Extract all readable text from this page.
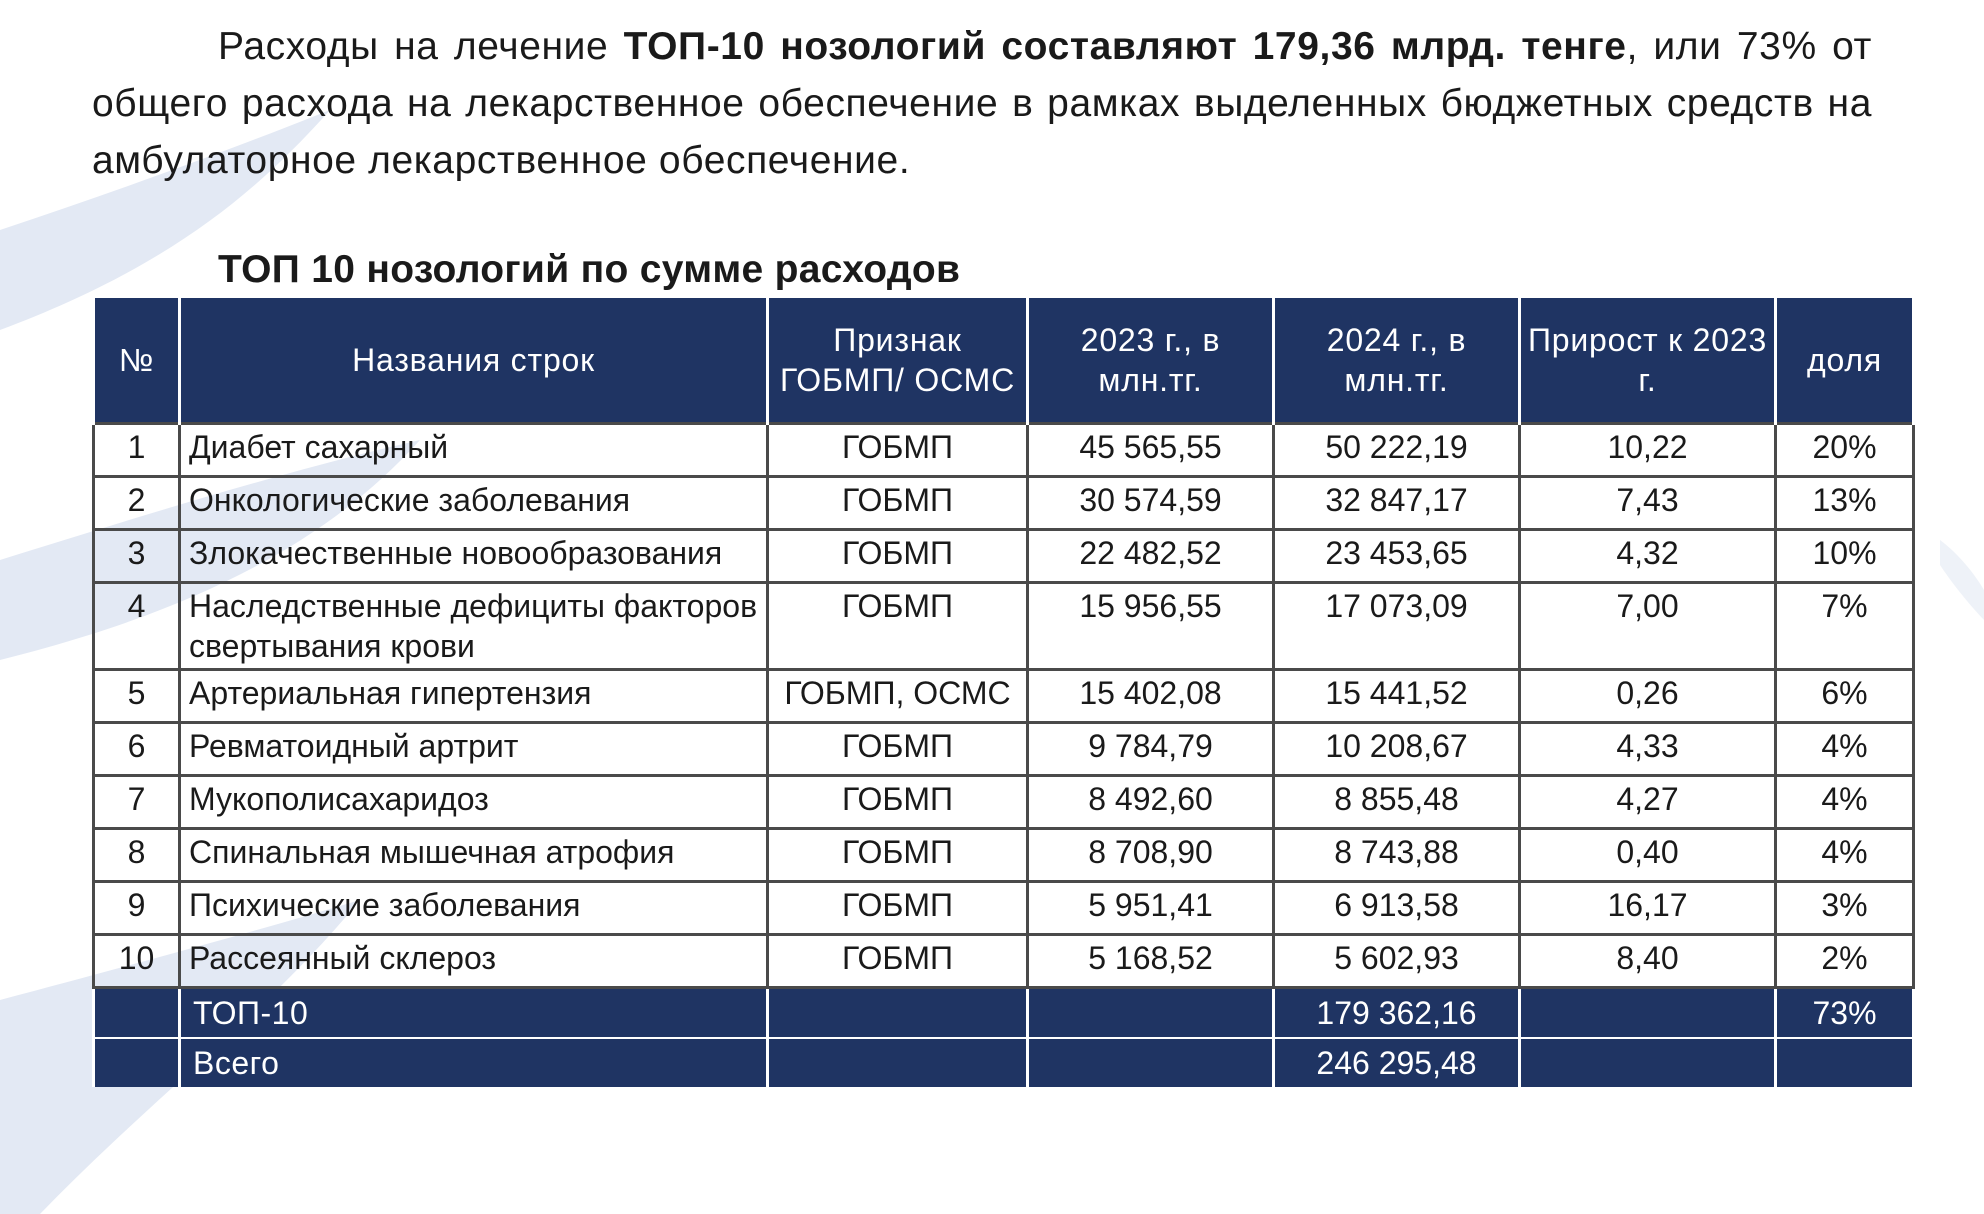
Расходы на лечение ТОП-10 нозологий составляют 179,36 млрд. тенге, или 73% от общего расхода на лекарственное обеспечение в рамках выделенных бюджетных средств на амбулаторное лекарственное обеспечение.

ТОП 10 нозологий по сумме расходов
№	Названия строк	Признак ГОБМП/ ОСМС	2023 г., в млн.тг.	2024 г., в млн.тг.	Прирост к 2023 г.	доля
1	Диабет сахарный	ГОБМП	45 565,55	50 222,19	10,22	20%
2	Онкологические заболевания	ГОБМП	30 574,59	32 847,17	7,43	13%
3	Злокачественные новообразования	ГОБМП	22 482,52	23 453,65	4,32	10%
4	Наследственные дефициты факторов свертывания крови	ГОБМП	15 956,55	17 073,09	7,00	7%
5	Артериальная гипертензия	ГОБМП, ОСМС	15 402,08	15 441,52	0,26	6%
6	Ревматоидный артрит	ГОБМП	9 784,79	10 208,67	4,33	4%
7	Мукополисахаридоз	ГОБМП	8 492,60	8 855,48	4,27	4%
8	Спинальная мышечная атрофия	ГОБМП	8 708,90	8 743,88	0,40	4%
9	Психические заболевания	ГОБМП	5 951,41	6 913,58	16,17	3%
10	Рассеянный склероз	ГОБМП	5 168,52	5 602,93	8,40	2%
	ТОП-10			179 362,16		73%
	Всего			246 295,48		
